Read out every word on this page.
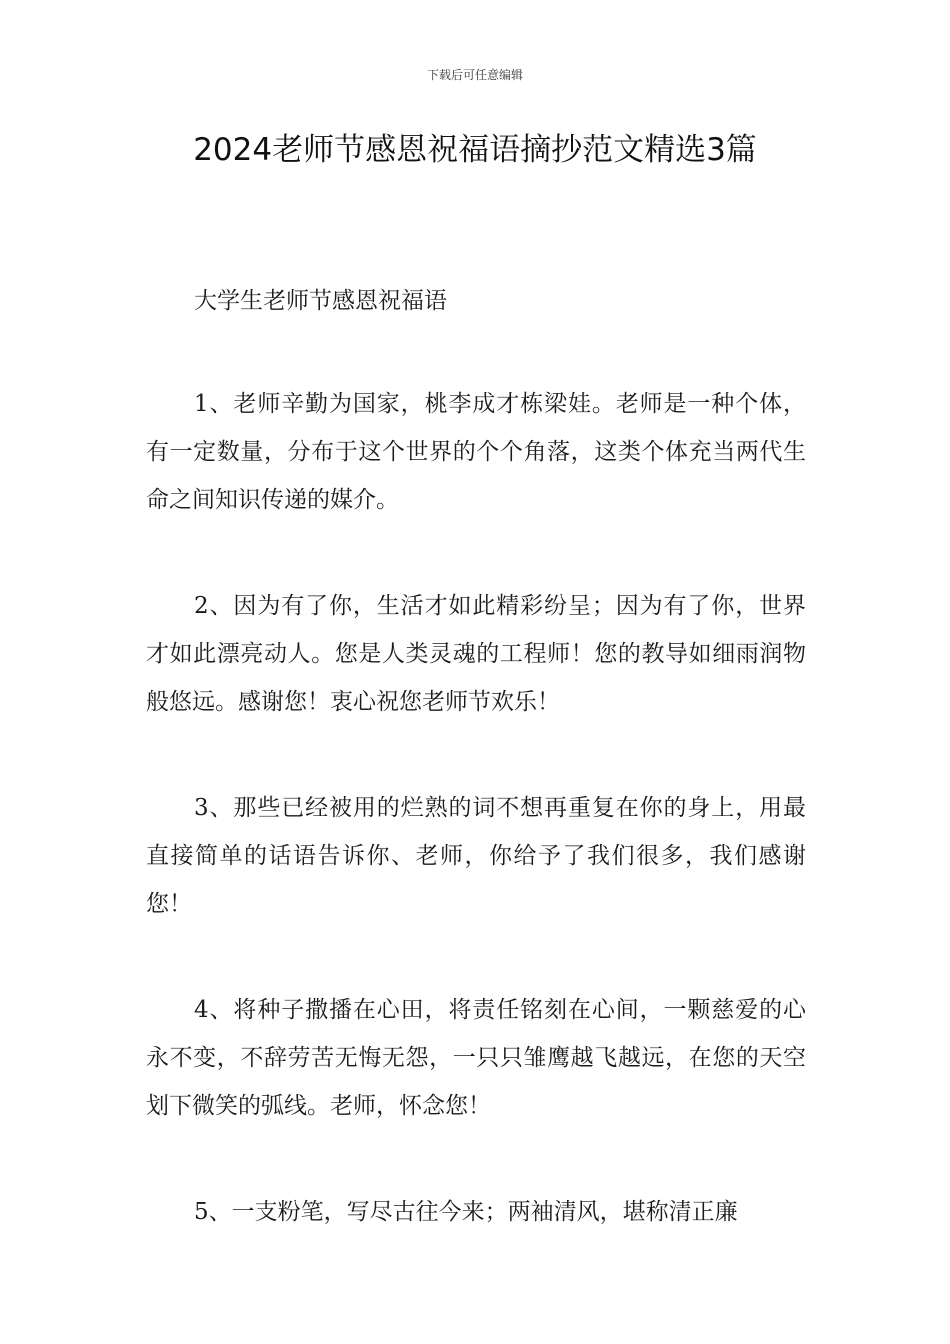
下载后可任意编辑
2024老师节感恩祝福语摘抄范文精选3篇

大学生老师节感恩祝福语

1、老师辛勤为国家，桃李成才栋梁娃。老师是一种个体，有一定数量，分布于这个世界的个个角落，这类个体充当两代生命之间知识传递的媒介。

2、因为有了你，生活才如此精彩纷呈；因为有了你，世界才如此漂亮动人。您是人类灵魂的工程师！您的教导如细雨润物般悠远。感谢您！衷心祝您老师节欢乐！

3、那些已经被用的烂熟的词不想再重复在你的身上，用最直接简单的话语告诉你、老师，你给予了我们很多，我们感谢您！

4、将种子撒播在心田，将责任铭刻在心间，一颗慈爱的心永不变，不辞劳苦无悔无怨，一只只雏鹰越飞越远，在您的天空划下微笑的弧线。老师，怀念您！

5、一支粉笔，写尽古往今来；两袖清风，堪称清正廉
